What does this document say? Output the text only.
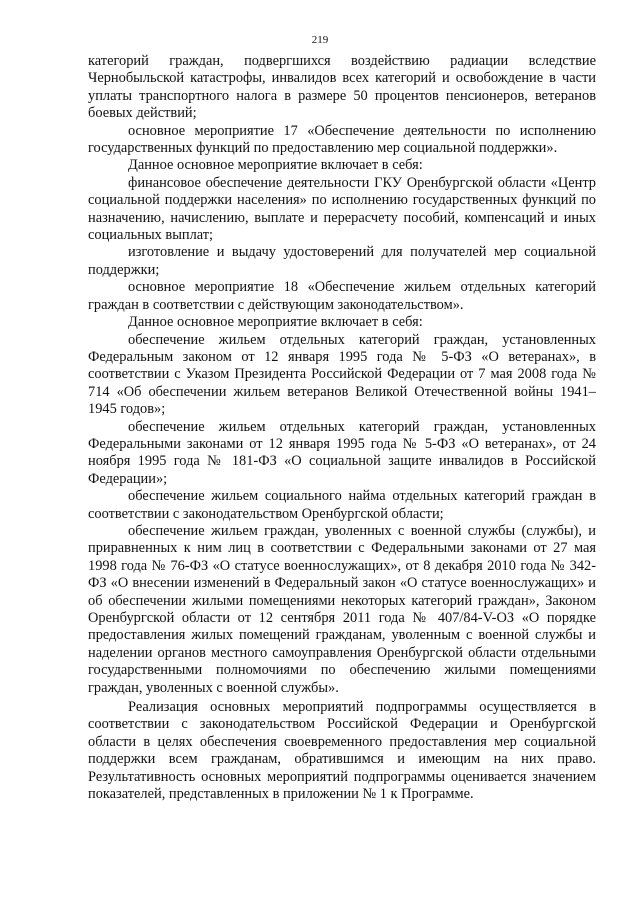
219

категорий граждан, подвергшихся воздействию радиации вследствие Чернобыльской катастрофы, инвалидов всех категорий и освобождение в части уплаты транспортного налога в размере 50 процентов пенсионеров, ветеранов боевых действий;

основное мероприятие 17 «Обеспечение деятельности по исполнению государственных функций по предоставлению мер социальной поддержки».

Данное основное мероприятие включает в себя:

финансовое обеспечение деятельности ГКУ Оренбургской области «Центр социальной поддержки населения» по исполнению государственных функций по назначению, начислению, выплате и перерасчету пособий, компенсаций и иных социальных выплат;

изготовление и выдачу удостоверений для получателей мер социальной поддержки;

основное мероприятие 18 «Обеспечение жильем отдельных категорий граждан в соответствии с действующим законодательством».

Данное основное мероприятие включает в себя:

обеспечение жильем отдельных категорий граждан, установленных Федеральным законом от 12 января 1995 года № 5-ФЗ «О ветеранах», в соответствии с Указом Президента Российской Федерации от 7 мая 2008 года № 714 «Об обеспечении жильем ветеранов Великой Отечественной войны 1941–1945 годов»;

обеспечение жильем отдельных категорий граждан, установленных Федеральными законами от 12 января 1995 года № 5-ФЗ «О ветеранах», от 24 ноября 1995 года № 181-ФЗ «О социальной защите инвалидов в Российской Федерации»;

обеспечение жильем социального найма отдельных категорий граждан в соответствии с законодательством Оренбургской области;

обеспечение жильем граждан, уволенных с военной службы (службы), и приравненных к ним лиц в соответствии с Федеральными законами от 27 мая 1998 года № 76-ФЗ «О статусе военнослужащих», от 8 декабря 2010 года № 342-ФЗ «О внесении изменений в Федеральный закон «О статусе военнослужащих» и об обеспечении жилыми помещениями некоторых категорий граждан», Законом Оренбургской области от 12 сентября 2011 года № 407/84-V-ОЗ «О порядке предоставления жилых помещений гражданам, уволенным с военной службы и наделении органов местного самоуправления Оренбургской области отдельными государственными полномочиями по обеспечению жилыми помещениями граждан, уволенных с военной службы».

Реализация основных мероприятий подпрограммы осуществляется в соответствии с законодательством Российской Федерации и Оренбургской области в целях обеспечения своевременного предоставления мер социальной поддержки всем гражданам, обратившимся и имеющим на них право. Результативность основных мероприятий подпрограммы оценивается значением показателей, представленных в приложении № 1 к Программе.
